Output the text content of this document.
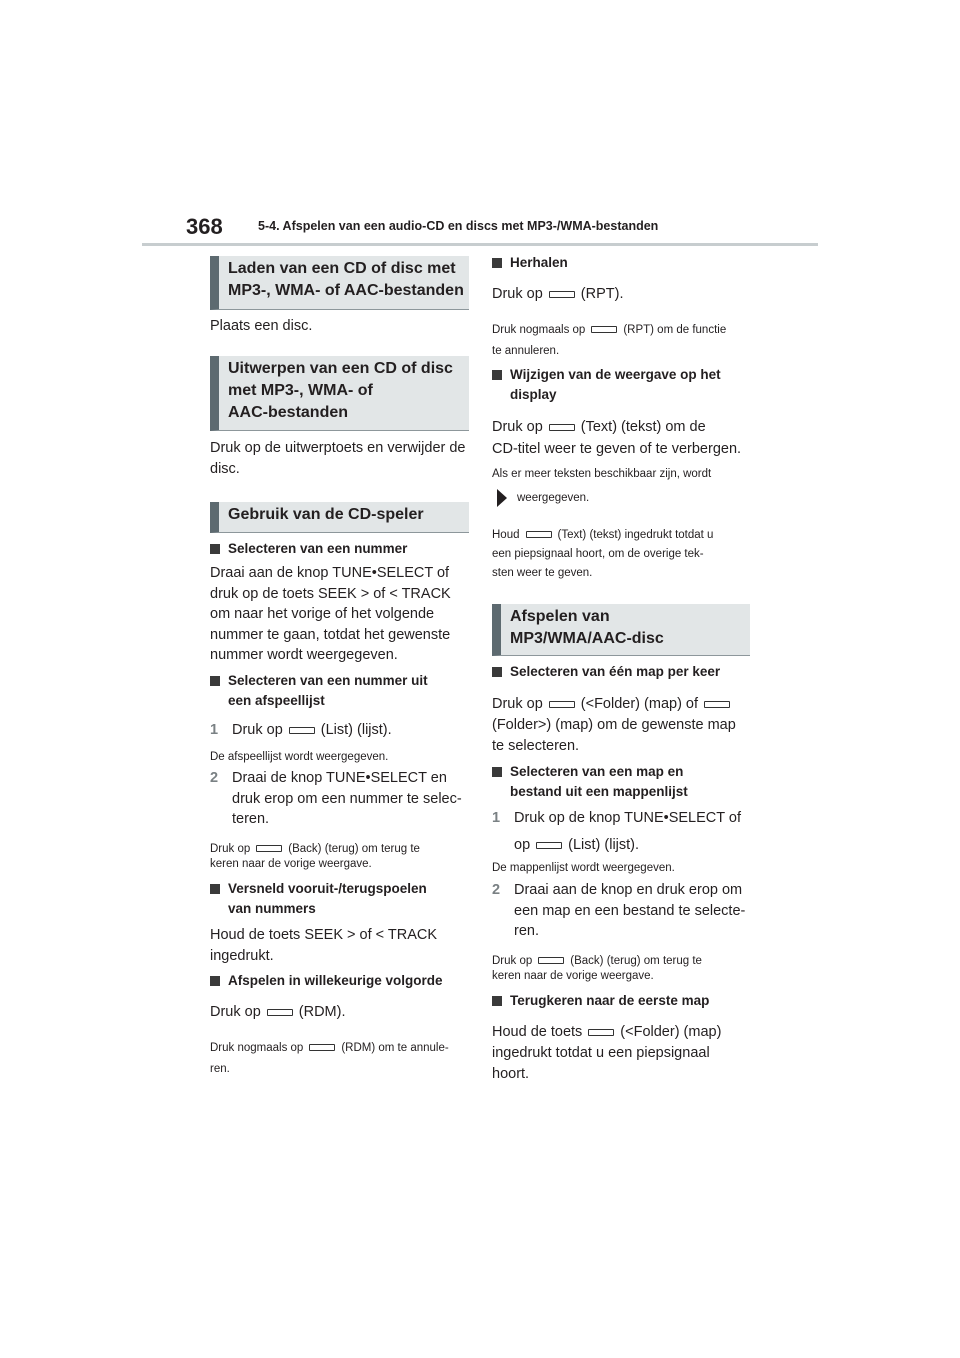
368	5-4. Afspelen van een audio-CD en discs met MP3-/WMA-bestanden
Laden van een CD of disc met
MP3-, WMA- of AAC-bestanden
Plaats een disc.
Uitwerpen van een CD of disc
met MP3-, WMA- of
AAC-bestanden
Druk op de uitwerptoets en verwijder de
disc.
Gebruik van de CD-speler
Selecteren van een nummer
Draai aan de knop TUNE•SELECT of
druk op de toets SEEK > of < TRACK
om naar het vorige of het volgende
nummer te gaan, totdat het gewenste
nummer wordt weergegeven.
Selecteren van een nummer uit
een afspeellijst
1 Druk op	(List) (lijst).
De afspeellijst wordt weergegeven.
2 Draai de knop TUNE•SELECT en
druk erop om een nummer te selec-
teren.
Druk op	(Back) (terug) om terug te
keren naar de vorige weergave.
Versneld vooruit-/terugspoelen
van nummers
Houd de toets SEEK > of < TRACK
ingedrukt.
Afspelen in willekeurige volgorde
Druk op	(RDM).
Druk nogmaals op	(RDM) om te annule-
ren.
Herhalen
Druk op	(RPT).
Druk nogmaals op	(RPT) om de functie
te annuleren.
Wijzigen van de weergave op het
display
Druk op	(Text) (tekst) om de
CD-titel weer te geven of te verbergen.
Als er meer teksten beschikbaar zijn, wordt
weergegeven.
Houd	(Text) (tekst) ingedrukt totdat u
een piepsignaal hoort, om de overige tek-
sten weer te geven.
Afspelen van
MP3/WMA/AAC-disc
Selecteren van één map per keer
Druk op	(<Folder) (map) of
(Folder>) (map) om de gewenste map
te selecteren.
Selecteren van een map en
bestand uit een mappenlijst
1 Druk op de knop TUNE•SELECT of
op	(List) (lijst).
De mappenlijst wordt weergegeven.
2 Draai aan de knop en druk erop om
een map en een bestand te selecte-
ren.
Druk op	(Back) (terug) om terug te
keren naar de vorige weergave.
Terugkeren naar de eerste map
Houd de toets	(<Folder) (map)
ingedrukt totdat u een piepsignaal
hoort.
